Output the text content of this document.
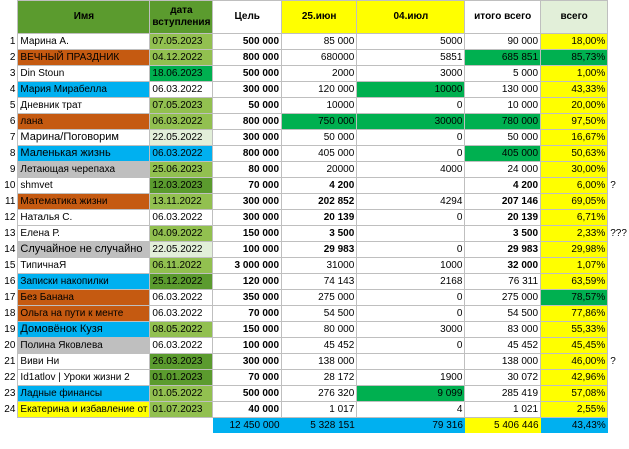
	Имя	дата вступления	Цель	25.июн	04.июл	итого всего	всего	
1	Марина А.	07.05.2023	500 000	85 000	5000	90 000	18,00%	
2	ВЕЧНЫЙ ПРАЗДНИК	04.12.2022	800 000	680000	5851	685 851	85,73%	
3	Din Stoun	18.06.2023	500 000	2000	3000	5 000	1,00%	
4	Мария Мирабелла	06.03.2022	300 000	120 000	10000	130 000	43,33%	
5	Дневник трат	07.05.2023	50 000	10000	0	10 000	20,00%	
6	лана	06.03.2022	800 000	750 000	30000	780 000	97,50%	
7	Марина/Поговорим	22.05.2022	300 000	50 000	0	50 000	16,67%	
8	Маленькая жизнь	06.03.2022	800 000	405 000	0	405 000	50,63%	
9	Летающая черепаха	25.06.2023	80 000	20000	4000	24 000	30,00%	
10	shmvet	12.03.2023	70 000	4 200		4 200	6,00%	?
11	Математика жизни	13.11.2022	300 000	202 852	4294	207 146	69,05%	
12	Наталья С.	06.03.2022	300 000	20 139	0	20 139	6,71%	
13	Елена Р.	04.09.2022	150 000	3 500		3 500	2,33%	???
14	Случайное не случайно	22.05.2022	100 000	29 983	0	29 983	29,98%	
15	ТипичнаЯ	06.11.2022	3 000 000	31000	1000	32 000	1,07%	
16	Записки накопилки	25.12.2022	120 000	74 143	2168	76 311	63,59%	
17	Без Банана	06.03.2022	350 000	275 000	0	275 000	78,57%	
18	Ольга на пути к менте	06.03.2022	70 000	54 500	0	54 500	77,86%	
19	Домовёнок Кузя	08.05.2022	150 000	80 000	3000	83 000	55,33%	
20	Полина Яковлева	06.03.2022	100 000	45 452	0	45 452	45,45%	
21	Виви Ни	26.03.2023	300 000	138 000		138 000	46,00%	?
22	Id1atlov | Уроки жизни 2	01.01.2023	70 000	28 172	1900	30 072	42,96%	
23	Ладные финансы	01.05.2022	500 000	276 320	9 099	285 419	57,08%	
24	Екатерина и избавление от	01.07.2023	40 000	1 017	4	1 021	2,55%	
			12 450 000	5 328 151	79 316	5 406 446	43,43%	
